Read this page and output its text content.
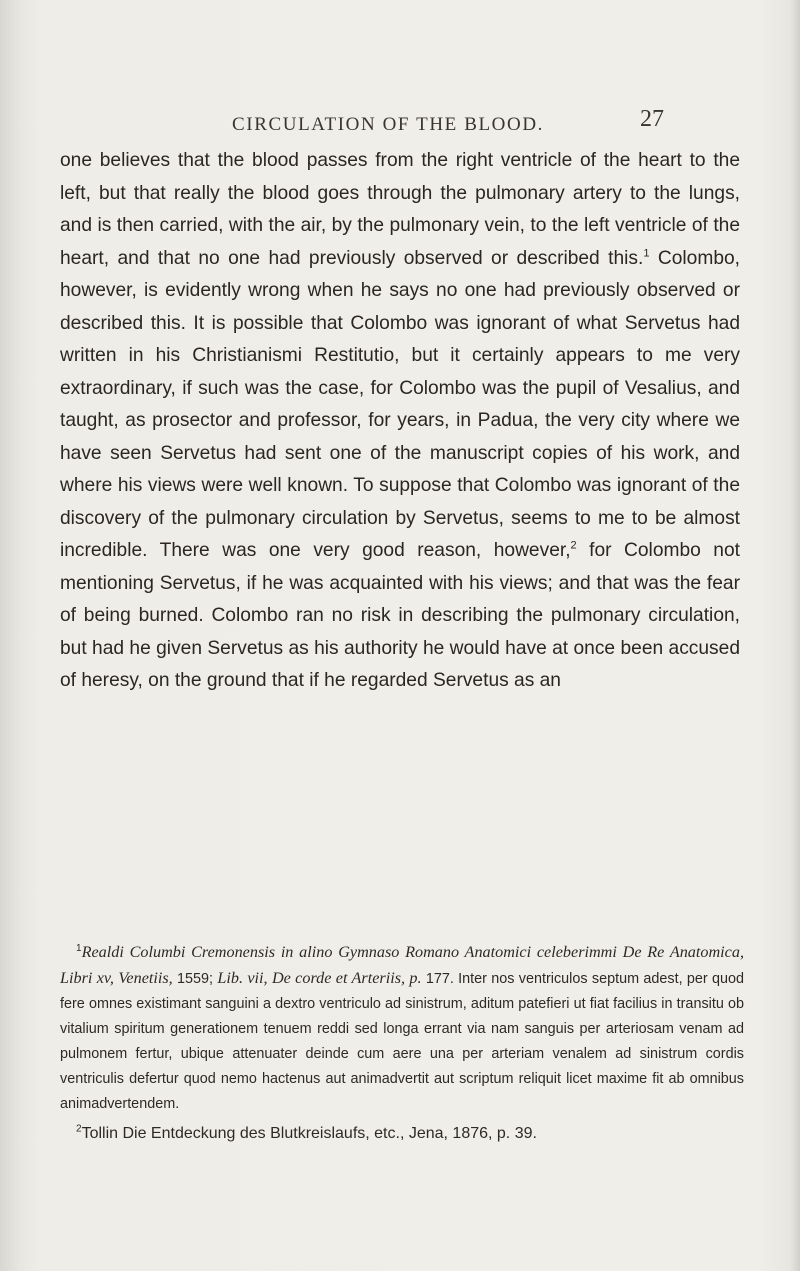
CIRCULATION OF THE BLOOD.	27

one believes that the blood passes from the right ventricle of the heart to the left, but that really the blood goes through the pulmonary artery to the lungs, and is then carried, with the air, by the pulmonary vein, to the left ventricle of the heart, and that no one had previously observed or described this.$^1$ Colombo, however, is evidently wrong when he says no one had previously observed or described this. It is possible that Colombo was ignorant of what Servetus had written in his Christianismi Restitutio, but it certainly appears to me very extraordinary, if such was the case, for Colombo was the pupil of Vesalius, and taught, as prosector and professor, for years, in Padua, the very city where we have seen Servetus had sent one of the manuscript copies of his work, and where his views were well known. To suppose that Colombo was ignorant of the discovery of the pulmonary circulation by Servetus, seems to me to be almost incredible. There was one very good reason, however,$^2$ for Colombo not mentioning Servetus, if he was acquainted with his views; and that was the fear of being burned. Colombo ran no risk in describing the pulmonary circulation, but had he given Servetus as his authority he would have at once been accused of heresy, on the ground that if he regarded Servetus as an

$^1$Realdi Columbi Cremonensis in alino Gymnaso Romano Anatomici celeberimmi De Re Anatomica, Libri xv, Venetiis, 1559; Lib. vii, De corde et Arteriis, p. 177. Inter nos ventriculos septum adest, per quod fere omnes existimant sanguini a dextro ventriculo ad sinistrum, aditum patefieri ut fiat facilius in transitu ob vitalium spiritum generationem tenuem reddi sed longa errant via nam sanguis per arteriosam venam ad pulmonem fertur, ubique attenuater deinde cum aere una per arteriam venalem ad sinistrum cordis ventriculis defertur quod nemo hactenus aut animadvertit aut scriptum reliquit licet maxime fit ab omnibus animadvertendem.

$^2$Tollin Die Entdeckung des Blutkreislaufs, etc., Jena, 1876, p. 39.
